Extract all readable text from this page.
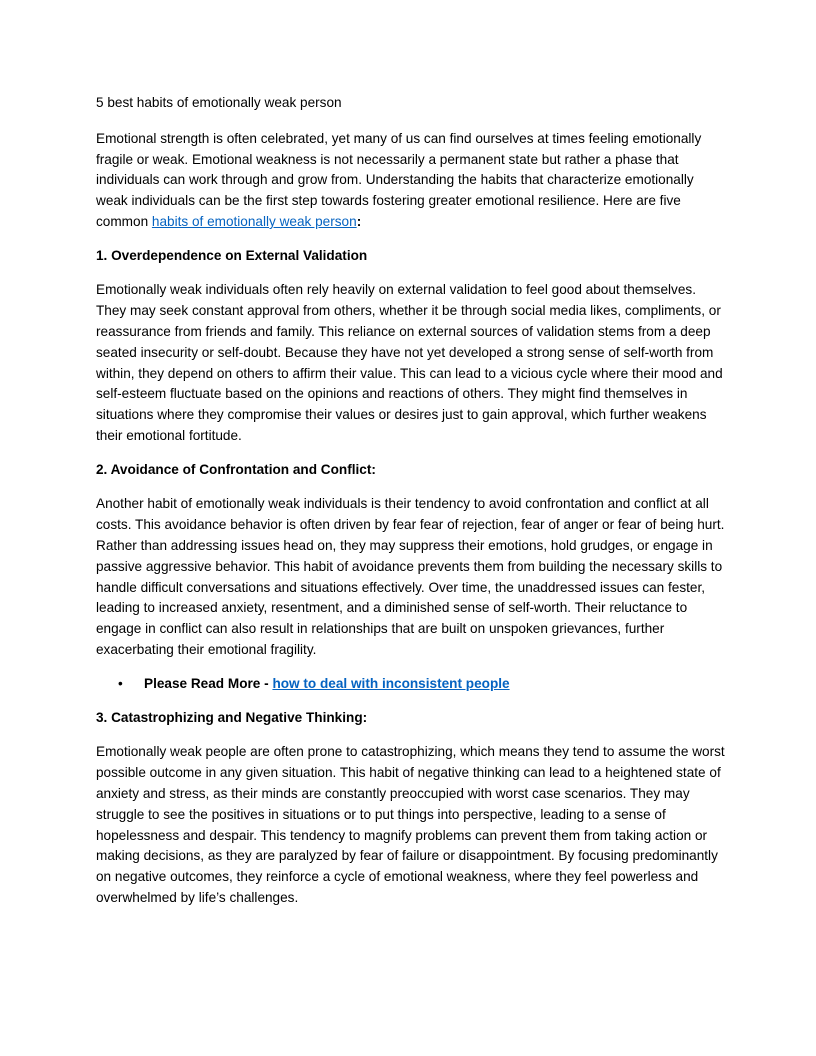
5 best habits of emotionally weak person

Emotional strength is often celebrated, yet many of us can find ourselves at times feeling emotionally fragile or weak. Emotional weakness is not necessarily a permanent state but rather a phase that individuals can work through and grow from. Understanding the habits that characterize emotionally weak individuals can be the first step towards fostering greater emotional resilience. Here are five common habits of emotionally weak person:

1. Overdependence on External Validation

Emotionally weak individuals often rely heavily on external validation to feel good about themselves. They may seek constant approval from others, whether it be through social media likes, compliments, or reassurance from friends and family. This reliance on external sources of validation stems from a deep seated insecurity or self-doubt. Because they have not yet developed a strong sense of self-worth from within, they depend on others to affirm their value. This can lead to a vicious cycle where their mood and self-esteem fluctuate based on the opinions and reactions of others. They might find themselves in situations where they compromise their values or desires just to gain approval, which further weakens their emotional fortitude.

2. Avoidance of Confrontation and Conflict:

Another habit of emotionally weak individuals is their tendency to avoid confrontation and conflict at all costs. This avoidance behavior is often driven by fear fear of rejection, fear of anger or fear of being hurt. Rather than addressing issues head on, they may suppress their emotions, hold grudges, or engage in passive aggressive behavior. This habit of avoidance prevents them from building the necessary skills to handle difficult conversations and situations effectively. Over time, the unaddressed issues can fester, leading to increased anxiety, resentment, and a diminished sense of self-worth. Their reluctance to engage in conflict can also result in relationships that are built on unspoken grievances, further exacerbating their emotional fragility.

• Please Read More - how to deal with inconsistent people

3. Catastrophizing and Negative Thinking:

Emotionally weak people are often prone to catastrophizing, which means they tend to assume the worst possible outcome in any given situation. This habit of negative thinking can lead to a heightened state of anxiety and stress, as their minds are constantly preoccupied with worst case scenarios. They may struggle to see the positives in situations or to put things into perspective, leading to a sense of hopelessness and despair. This tendency to magnify problems can prevent them from taking action or making decisions, as they are paralyzed by fear of failure or disappointment. By focusing predominantly on negative outcomes, they reinforce a cycle of emotional weakness, where they feel powerless and overwhelmed by life’s challenges.
